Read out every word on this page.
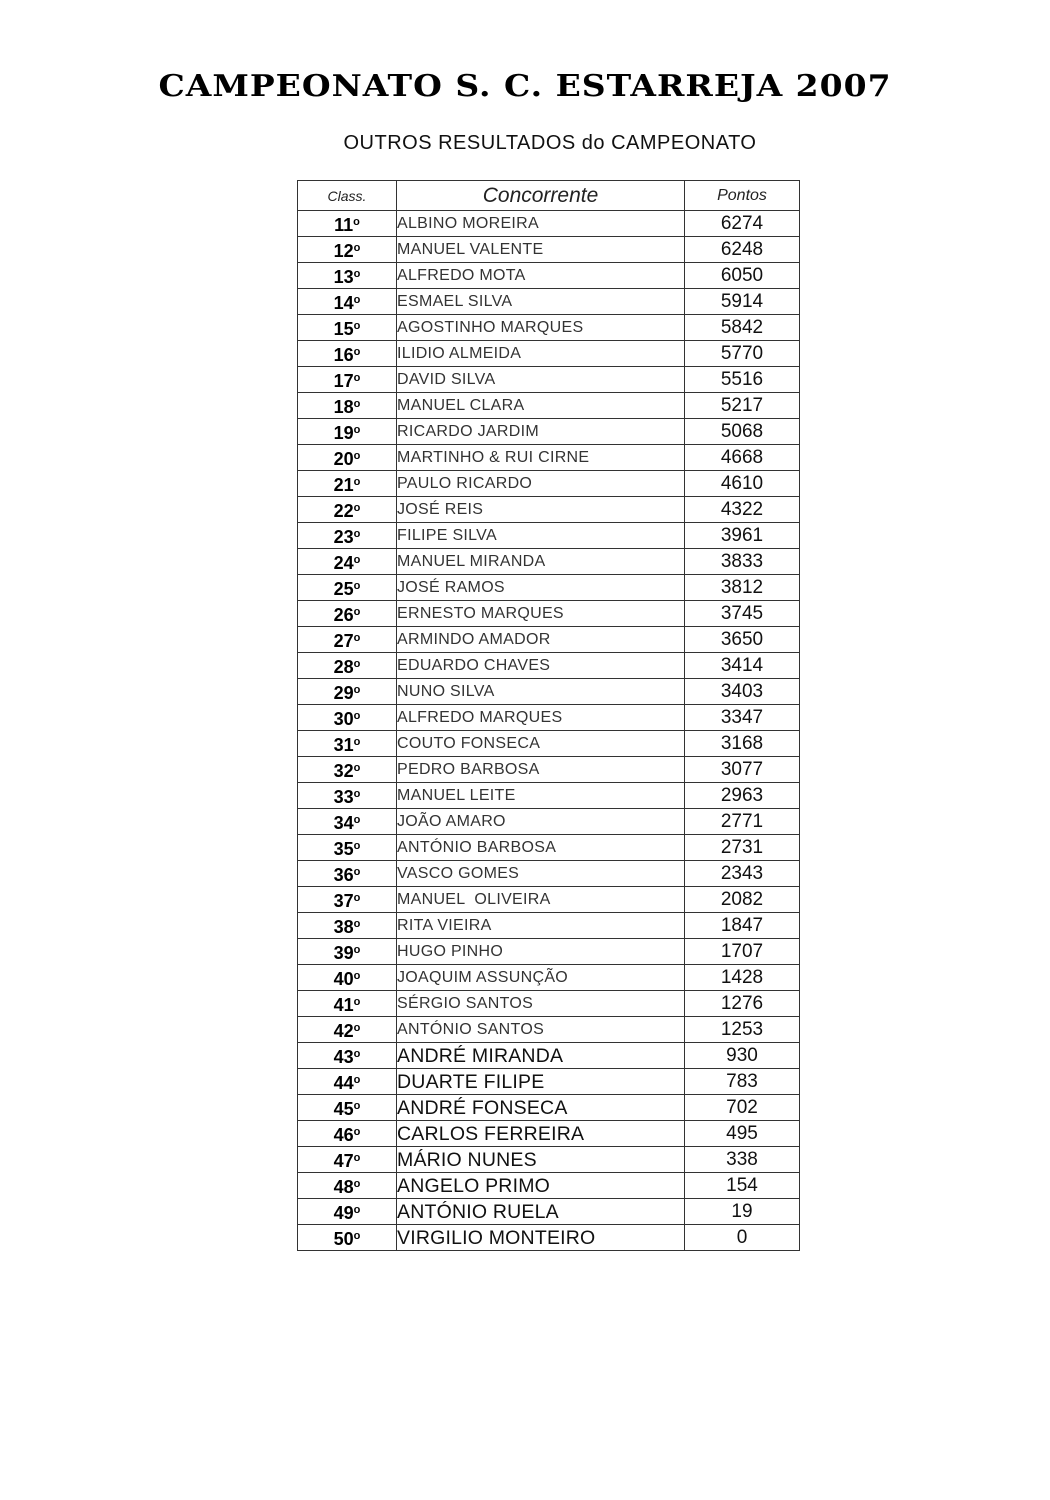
CAMPEONATO S. C. ESTARREJA 2007
OUTROS RESULTADOS do CAMPEONATO
Class.	Concorrente	Pontos
11$^o$	ALBINO MOREIRA	6274
12$^o$	MANUEL VALENTE	6248
13$^o$	ALFREDO MOTA	6050
14$^o$	ESMAEL SILVA	5914
15$^o$	AGOSTINHO MARQUES	5842
16$^o$	ILIDIO ALMEIDA	5770
17$^o$	DAVID SILVA	5516
18$^o$	MANUEL CLARA	5217
19$^o$	RICARDO JARDIM	5068
20$^o$	MARTINHO & RUI CIRNE	4668
21$^o$	PAULO RICARDO	4610
22$^o$	JOSÉ REIS	4322
23$^o$	FILIPE SILVA	3961
24$^o$	MANUEL MIRANDA	3833
25$^o$	JOSÉ RAMOS	3812
26$^o$	ERNESTO MARQUES	3745
27$^o$	ARMINDO AMADOR	3650
28$^o$	EDUARDO CHAVES	3414
29$^o$	NUNO SILVA	3403
30$^o$	ALFREDO MARQUES	3347
31$^o$	COUTO FONSECA	3168
32$^o$	PEDRO BARBOSA	3077
33$^o$	MANUEL LEITE	2963
34$^o$	JOÃO AMARO	2771
35$^o$	ANTÓNIO BARBOSA	2731
36$^o$	VASCO GOMES	2343
37$^o$	MANUEL  OLIVEIRA	2082
38$^o$	RITA VIEIRA	1847
39$^o$	HUGO PINHO	1707
40$^o$	JOAQUIM ASSUNÇÃO	1428
41$^o$	SÉRGIO SANTOS	1276
42$^o$	ANTÓNIO SANTOS	1253
43$^o$	ANDRÉ MIRANDA	930
44$^o$	DUARTE FILIPE	783
45$^o$	ANDRÉ FONSECA	702
46$^o$	CARLOS FERREIRA	495
47$^o$	MÁRIO NUNES	338
48$^o$	ANGELO PRIMO	154
49$^o$	ANTÓNIO RUELA	19
50$^o$	VIRGILIO MONTEIRO	0
